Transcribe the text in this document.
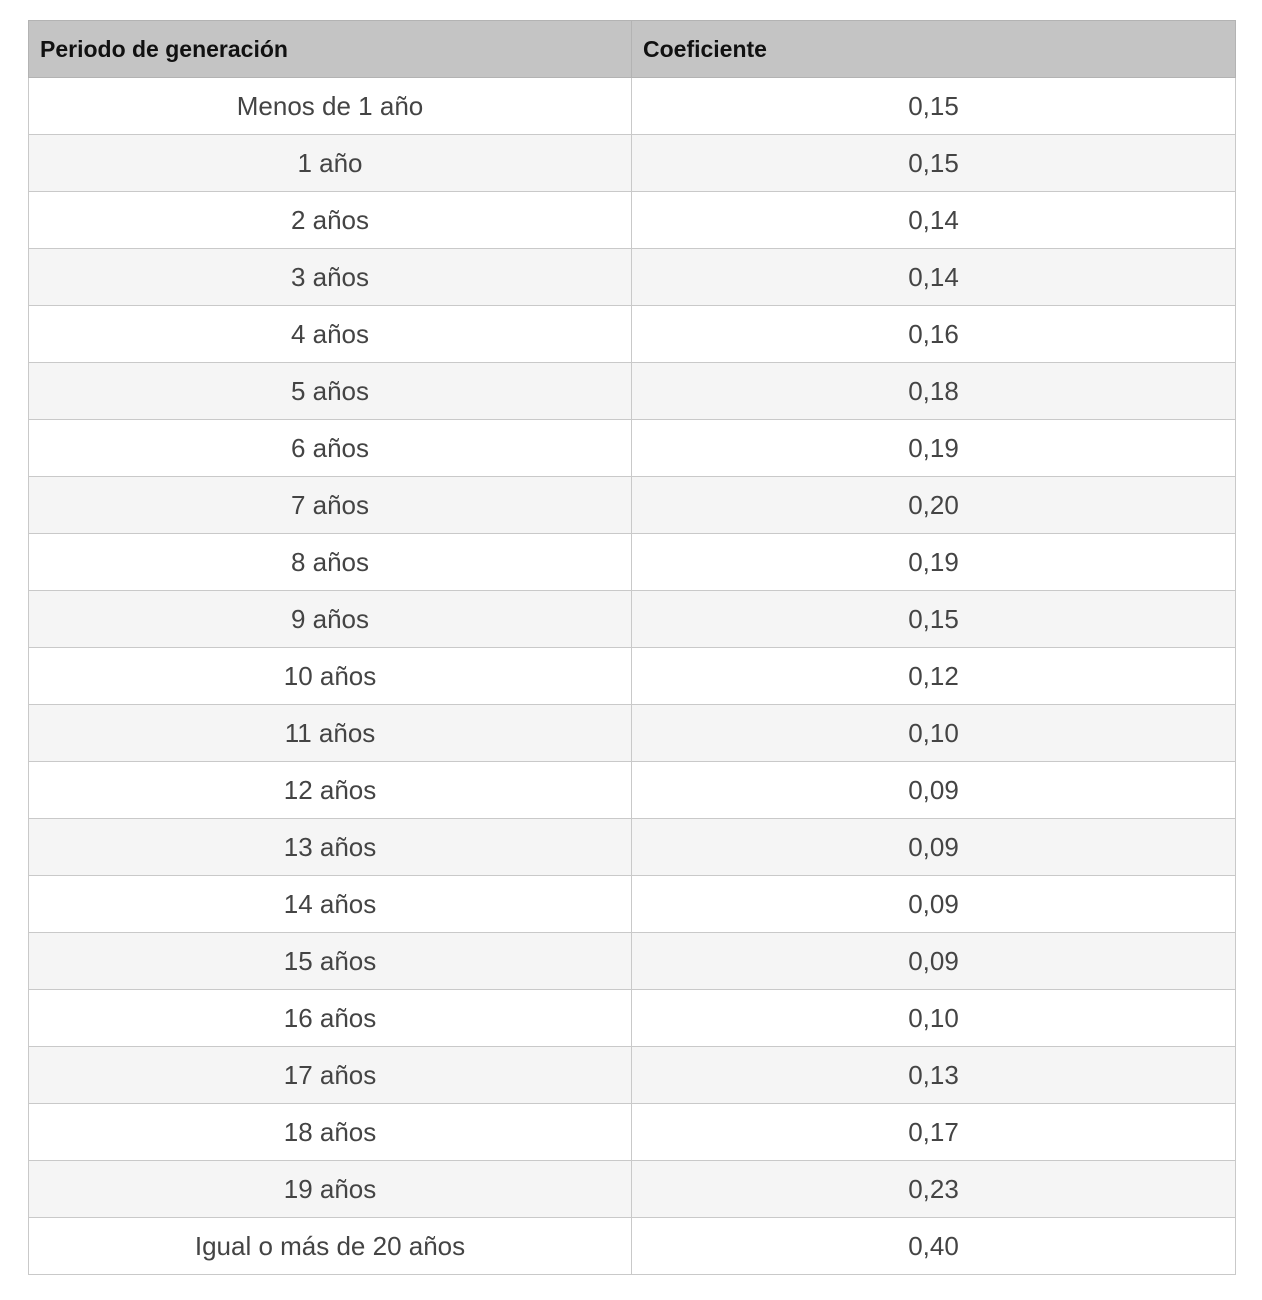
Periodo de generación	Coeficiente
Menos de 1 año	0,15
1 año	0,15
2 años	0,14
3 años	0,14
4 años	0,16
5 años	0,18
6 años	0,19
7 años	0,20
8 años	0,19
9 años	0,15
10 años	0,12
11 años	0,10
12 años	0,09
13 años	0,09
14 años	0,09
15 años	0,09
16 años	0,10
17 años	0,13
18 años	0,17
19 años	0,23
Igual o más de 20 años	0,40
